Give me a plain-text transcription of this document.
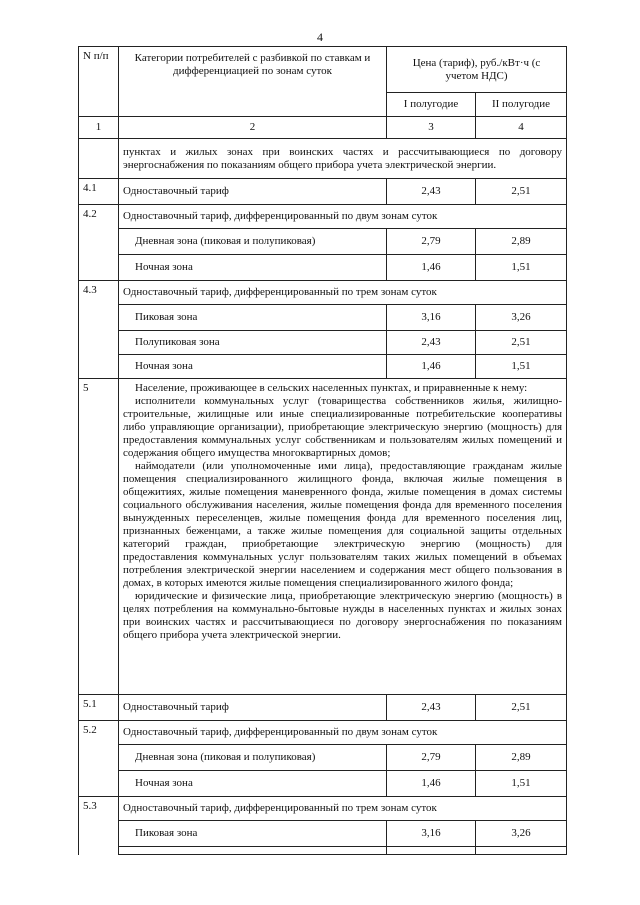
4
N п/п	Категории потребителей с разбивкой по ставкам и дифференциацией по зонам суток	Цена (тариф), руб./кВт·ч (с учетом НДС)	
		I полугодие	II полугодие
1	2	3	4
	пунктах и жилых зонах при воинских частях и рассчитывающиеся по договору энергоснабжения по показаниям общего прибора учета электрической энергии.		
4.1	Одноставочный тариф	2,43	2,51
4.2	Одноставочный тариф, дифференцированный по двум зонам суток		
	Дневная зона (пиковая и полупиковая)	2,79	2,89
	Ночная зона	1,46	1,51
4.3	Одноставочный тариф, дифференцированный по трем зонам суток		
	Пиковая зона	3,16	3,26
	Полупиковая зона	2,43	2,51
	Ночная зона	1,46	1,51
5	Население, проживающее в сельских населенных пунктах, и приравненные к нему:
исполнители коммунальных услуг (товарищества собственников жилья, жилищно-строительные, жилищные или иные специализированные потребительские кооперативы либо управляющие организации), приобретающие электрическую энергию (мощность) для предоставления коммунальных услуг собственникам и пользователям жилых помещений и содержания общего имущества многоквартирных домов;
наймодатели (или уполномоченные ими лица), предоставляющие гражданам жилые помещения специализированного жилищного фонда, включая жилые помещения в общежитиях, жилые помещения маневренного фонда, жилые помещения в домах системы социального обслуживания населения, жилые помещения фонда для временного поселения вынужденных переселенцев, жилые помещения фонда для временного поселения лиц, признанных беженцами, а также жилые помещения для социальной защиты отдельных категорий граждан, приобретающие электрическую энергию (мощность) для предоставления коммунальных услуг пользователям таких жилых помещений в объемах потребления электрической энергии населением и содержания мест общего пользования в домах, в которых имеются жилые помещения специализированного жилого фонда;
юридические и физические лица, приобретающие электрическую энергию (мощность) в целях потребления на коммунально-бытовые нужды в населенных пунктах и жилых зонах при воинских частях и рассчитывающиеся по договору энергоснабжения по показаниям общего прибора учета электрической энергии.		

5.1	Одноставочный тариф	2,43	2,51
5.2	Одноставочный тариф, дифференцированный по двум зонам суток		
	Дневная зона (пиковая и полупиковая)	2,79	2,89
	Ночная зона	1,46	1,51
5.3	Одноставочный тариф, дифференцированный по трем зонам суток		
	Пиковая зона	3,16	3,26
